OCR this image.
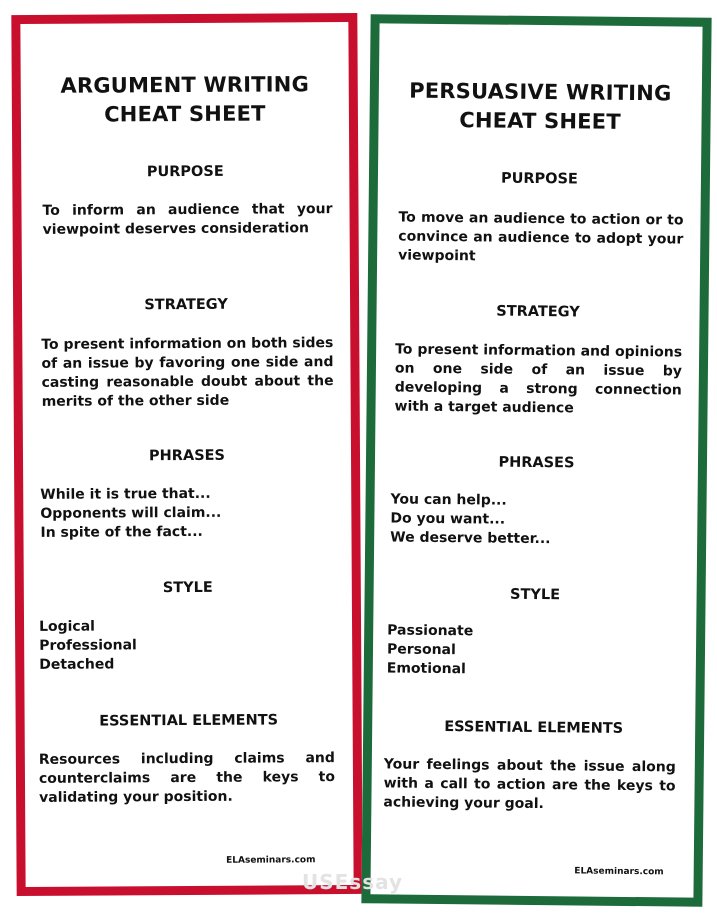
ARGUMENT WRITING
CHEAT SHEET
PURPOSE
To inform an audience that your viewpoint deserves consideration
STRATEGY
To present information on both sides of an issue by favoring one side and casting reasonable doubt about the merits of the other side
PHRASES
While it is true that...
Opponents will claim...
In spite of the fact...
STYLE
Logical
Professional
Detached
ESSENTIAL ELEMENTS
Resources including claims and counterclaims are the keys to validating your position.
ELAseminars.com
PERSUASIVE WRITING
CHEAT SHEET
PURPOSE
To move an audience to action or to convince an audience to adopt your viewpoint
STRATEGY
To present information and opinions on one side of an issue by developing a strong connection with a target audience
PHRASES
You can help...
Do you want...
We deserve better...
STYLE
Passionate
Personal
Emotional
ESSENTIAL ELEMENTS
Your feelings about the issue along with a call to action are the keys to achieving your goal.
ELAseminars.com
USEssay
